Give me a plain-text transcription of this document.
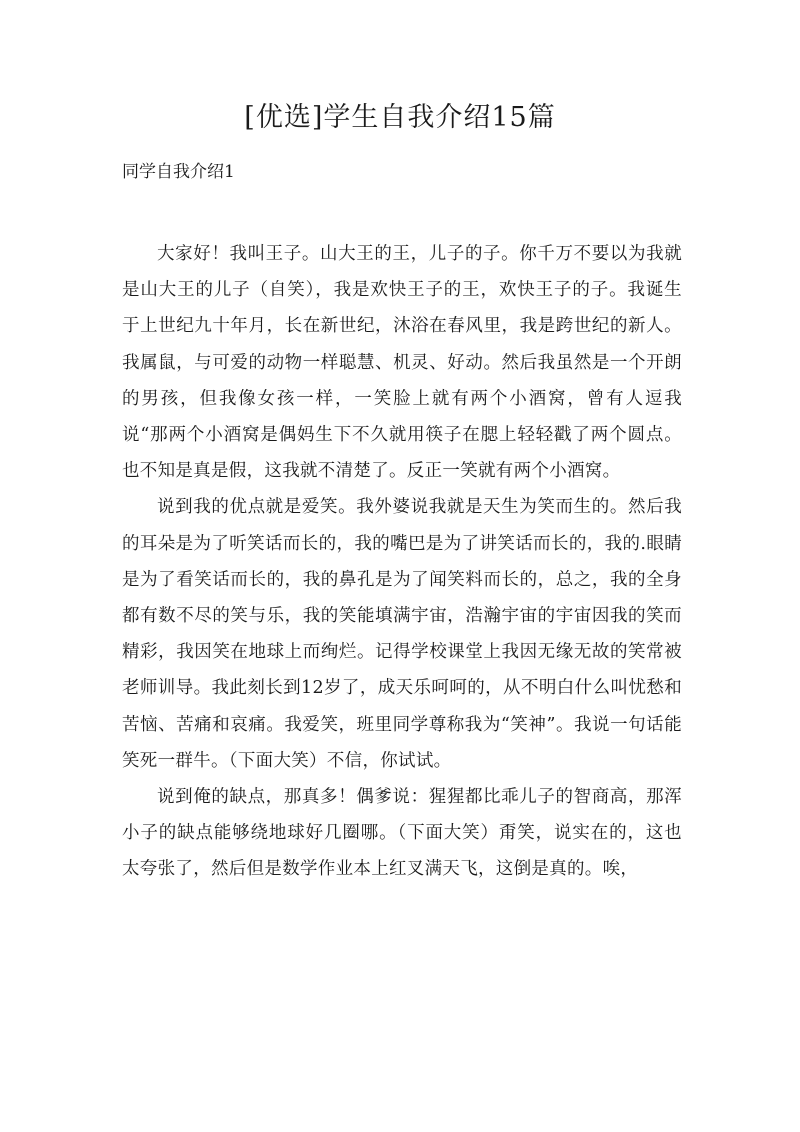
[优选]学生自我介绍15篇
同学自我介绍1

大家好！我叫王子。山大王的王，儿子的子。你千万不要以为我就是山大王的儿子（自笑），我是欢快王子的王，欢快王子的子。我诞生于上世纪九十年月，长在新世纪，沐浴在春风里，我是跨世纪的新人。我属鼠，与可爱的动物一样聪慧、机灵、好动。然后我虽然是一个开朗的男孩，但我像女孩一样，一笑脸上就有两个小酒窝，曾有人逗我说“那两个小酒窝是偶妈生下不久就用筷子在腮上轻轻戳了两个圆点。也不知是真是假，这我就不清楚了。反正一笑就有两个小酒窝。

说到我的优点就是爱笑。我外婆说我就是天生为笑而生的。然后我的耳朵是为了听笑话而长的，我的嘴巴是为了讲笑话而长的，我的.眼睛是为了看笑话而长的，我的鼻孔是为了闻笑料而长的，总之，我的全身都有数不尽的笑与乐，我的笑能填满宇宙，浩瀚宇宙的宇宙因我的笑而精彩，我因笑在地球上而绚烂。记得学校课堂上我因无缘无故的笑常被老师训导。我此刻长到12岁了，成天乐呵呵的，从不明白什么叫忧愁和苦恼、苦痛和哀痛。我爱笑，班里同学尊称我为“笑神”。我说一句话能笑死一群牛。（下面大笑）不信，你试试。

说到俺的缺点，那真多！偶爹说：猩猩都比乖儿子的智商高，那浑小子的缺点能够绕地球好几圈哪。（下面大笑）甭笑，说实在的，这也太夸张了，然后但是数学作业本上红叉满天飞，这倒是真的。唉，
